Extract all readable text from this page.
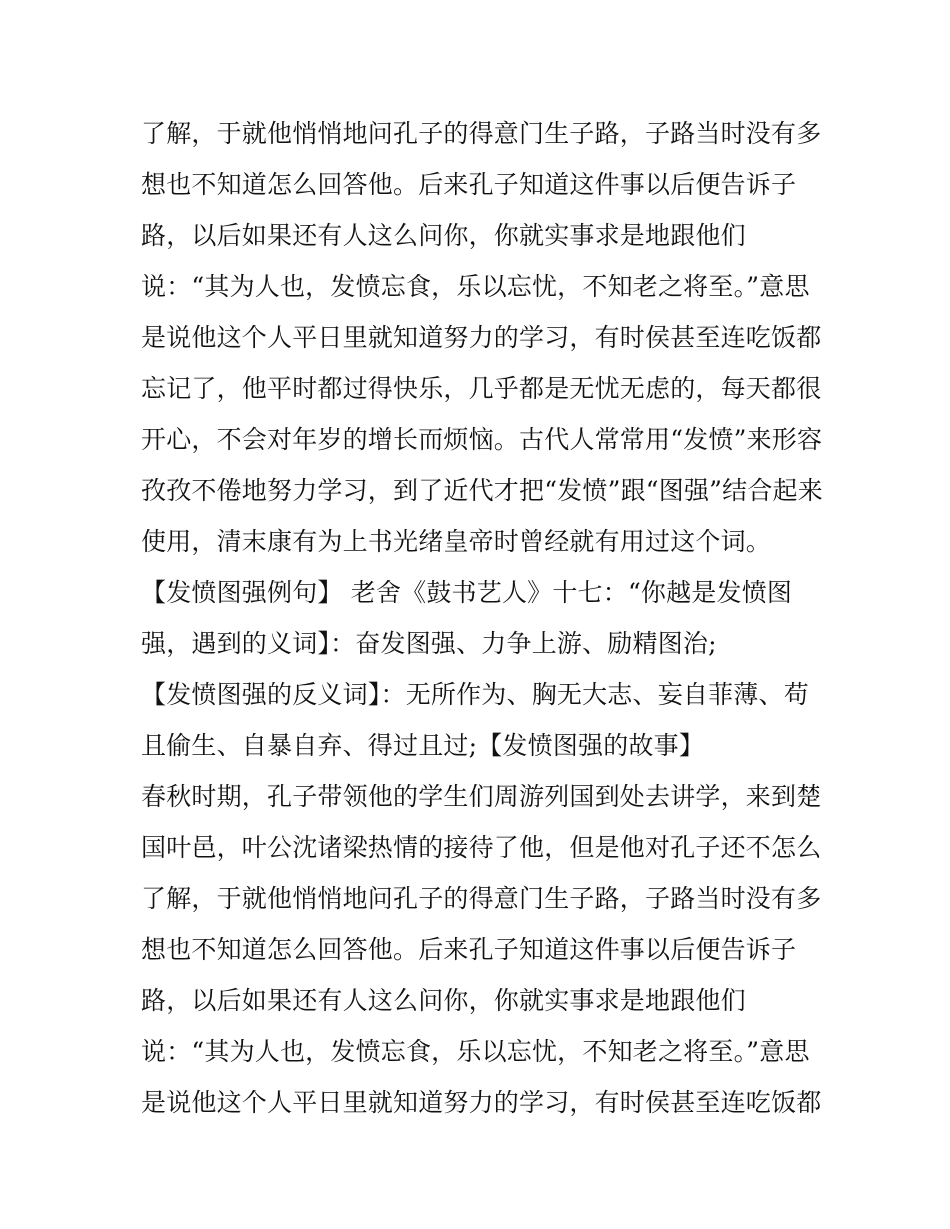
了解，于就他悄悄地问孔子的得意门生子路，子路当时没有多
想也不知道怎么回答他。后来孔子知道这件事以后便告诉子
路，以后如果还有人这么问你，你就实事求是地跟他们
说：“其为人也，发愤忘食，乐以忘忧，不知老之将至。”意思
是说他这个人平日里就知道努力的学习，有时侯甚至连吃饭都
忘记了，他平时都过得快乐，几乎都是无忧无虑的，每天都很
开心，不会对年岁的增长而烦恼。古代人常常用“发愤”来形容
孜孜不倦地努力学习，到了近代才把“发愤”跟“图强”结合起来
使用，清末康有为上书光绪皇帝时曾经就有用过这个词。
【发愤图强例句】 老舍《鼓书艺人》十七：“你越是发愤图
强，遇到的义词】：奋发图强、力争上游、励精图治;
【发愤图强的反义词】：无所作为、胸无大志、妄自菲薄、苟
且偷生、自暴自弃、得过且过;【发愤图强的故事】
春秋时期，孔子带领他的学生们周游列国到处去讲学，来到楚
国叶邑，叶公沈诸梁热情的接待了他，但是他对孔子还不怎么
了解，于就他悄悄地问孔子的得意门生子路，子路当时没有多
想也不知道怎么回答他。后来孔子知道这件事以后便告诉子
路，以后如果还有人这么问你，你就实事求是地跟他们
说：“其为人也，发愤忘食，乐以忘忧，不知老之将至。”意思
是说他这个人平日里就知道努力的学习，有时侯甚至连吃饭都
